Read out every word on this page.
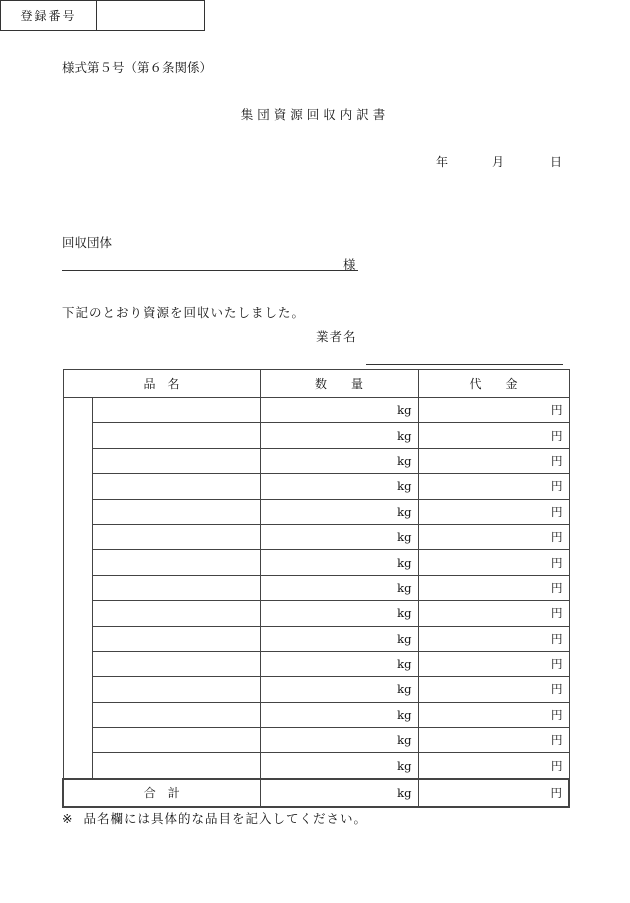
様式第５号（第６条関係）
集団資源回収内訳書
年	月	日
登録番号
回収団体
様
下記のとおり資源を回収いたしました。
業者名
品　名		数　　量	代　　金
		kg	円
		kg	円
		kg	円
		kg	円
		kg	円
		kg	円
		kg	円
		kg	円
		kg	円
		kg	円
		kg	円
		kg	円
		kg	円
		kg	円
		kg	円
合　計		kg	円
※ 品名欄には具体的な品目を記入してください。
